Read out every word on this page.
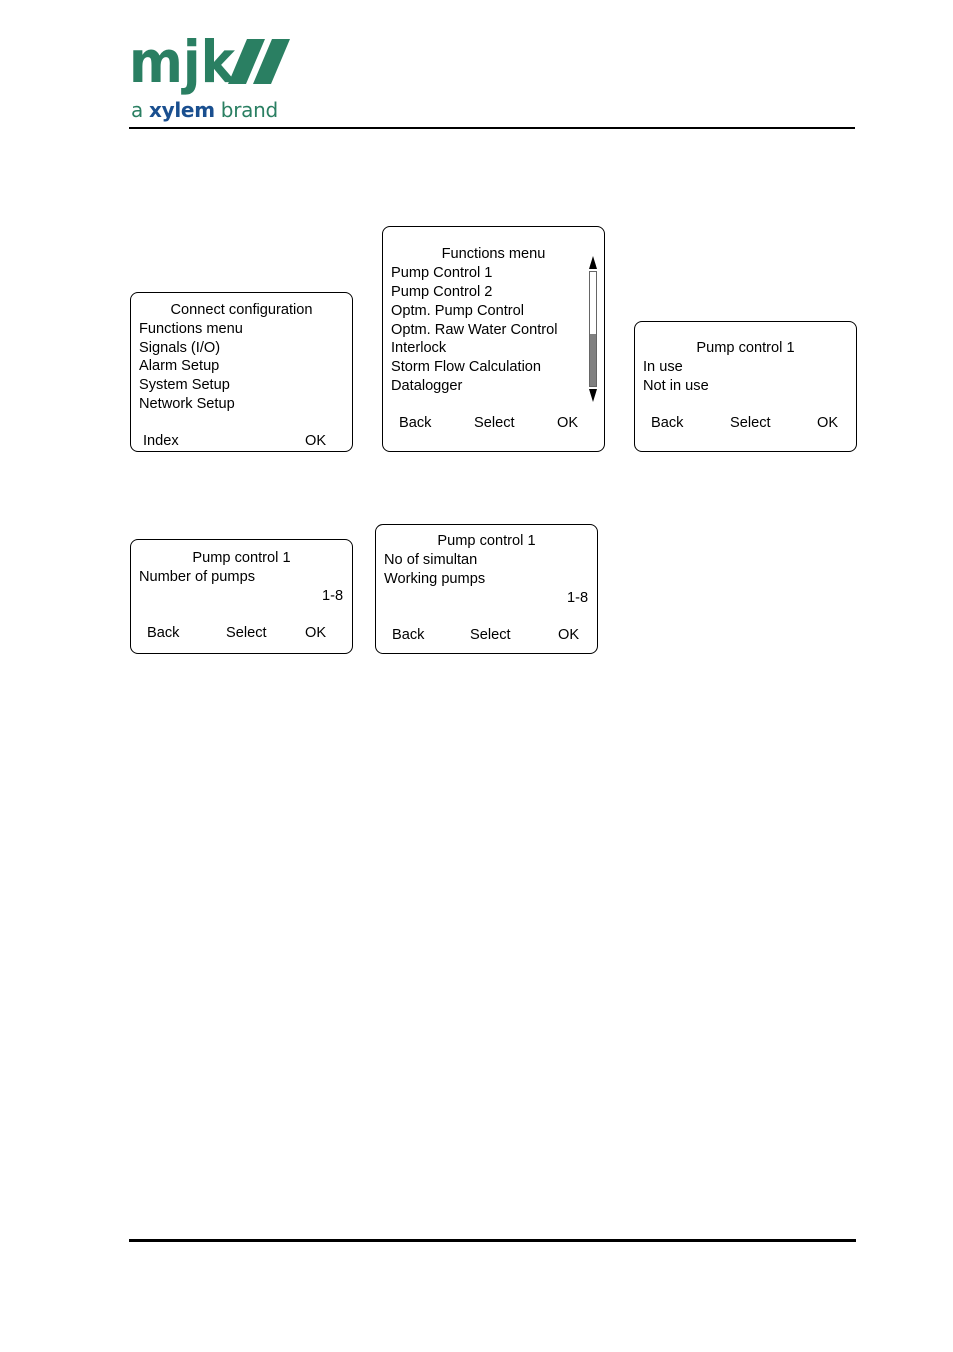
mjk
a xylem brand
Connect configuration
Functions menu
Signals (I/O)
Alarm Setup
System Setup
Network Setup
Index	OK
Functions menu
Pump Control 1
Pump Control 2
Optm. Pump Control
Optm. Raw Water Control
Interlock
Storm Flow Calculation
Datalogger
Back	Select	OK
Pump control 1
In use
Not in use
Back	Select	OK
Pump control 1
Number of pumps
1-8
Back	Select	OK
Pump control 1
No of simultan
Working pumps
1-8
Back	Select	OK
